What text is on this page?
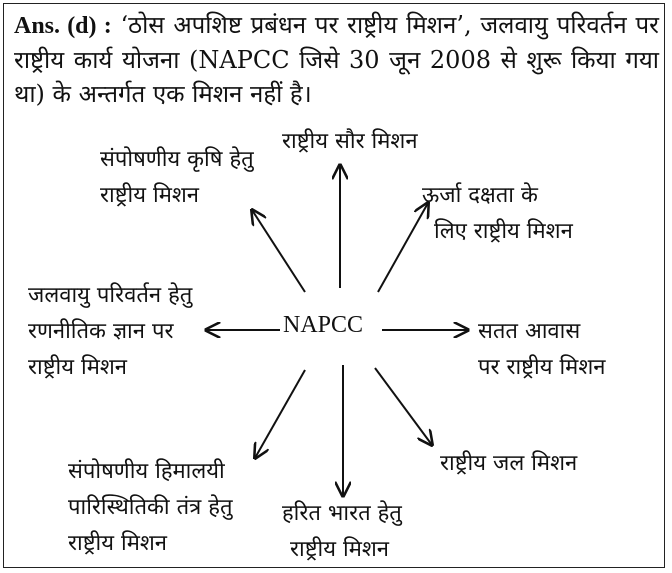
Ans. (d) : ‘ठोस अपशिष्ट प्रबंधन पर राष्ट्रीय मिशन’, जलवायु परिवर्तन पर राष्ट्रीय कार्य योजना (NAPCC जिसे 30 जून 2008 से शुरू किया गया था) के अन्तर्गत एक मिशन नहीं है।
NAPCC
संपोषणीय कृषि हेतु
राष्ट्रीय मिशन
राष्ट्रीय सौर मिशन
ऊर्जा दक्षता के
लिए राष्ट्रीय मिशन
जलवायु परिवर्तन हेतु
रणनीतिक ज्ञान पर
राष्ट्रीय मिशन
सतत आवास
पर राष्ट्रीय मिशन
संपोषणीय हिमालयी
पारिस्थितिकी तंत्र हेतु
राष्ट्रीय मिशन
हरित भारत हेतु
राष्ट्रीय मिशन
राष्ट्रीय जल मिशन
